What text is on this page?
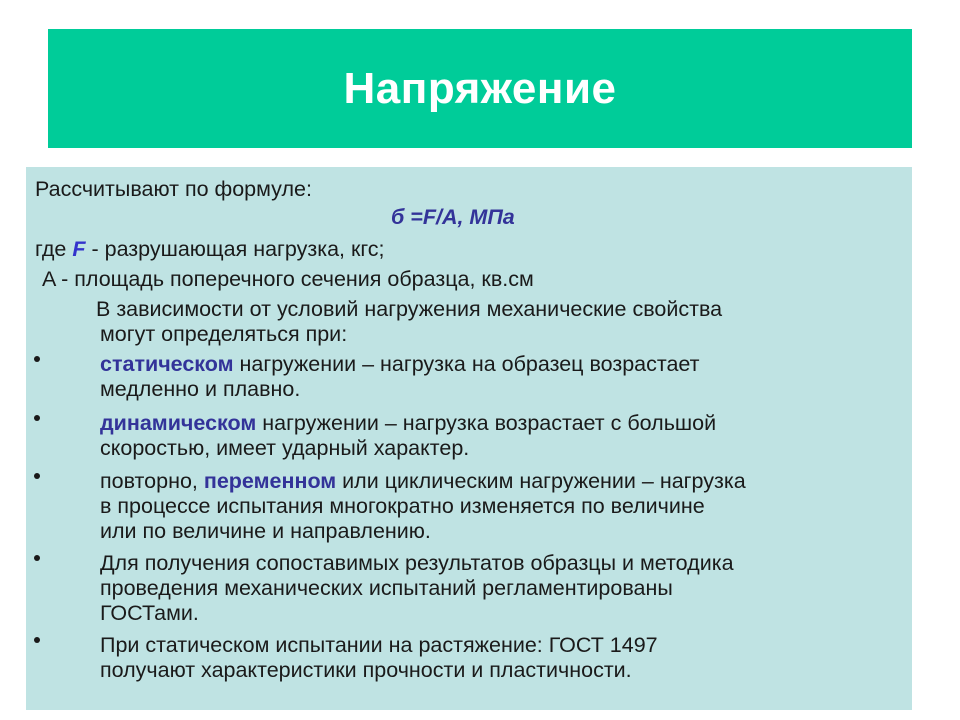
Напряжение
Рассчитывают по формуле:
б =F/A, МПа
где F - разрушающая нагрузка, кгс;
A - площадь поперечного сечения образца, кв.см
В зависимости от условий нагружения механические свойства
могут определяться при:
статическом нагружении – нагрузка на образец возрастает
медленно и плавно.
динамическом нагружении – нагрузка возрастает с большой
скоростью, имеет ударный характер.
повторно, переменном или циклическим нагружении – нагрузка
в процессе испытания многократно изменяется по величине
или по величине и направлению.
Для получения сопоставимых результатов образцы и методика
проведения механических испытаний регламентированы
ГОСТами.
При статическом испытании на растяжение: ГОСТ 1497
получают характеристики прочности и пластичности.
